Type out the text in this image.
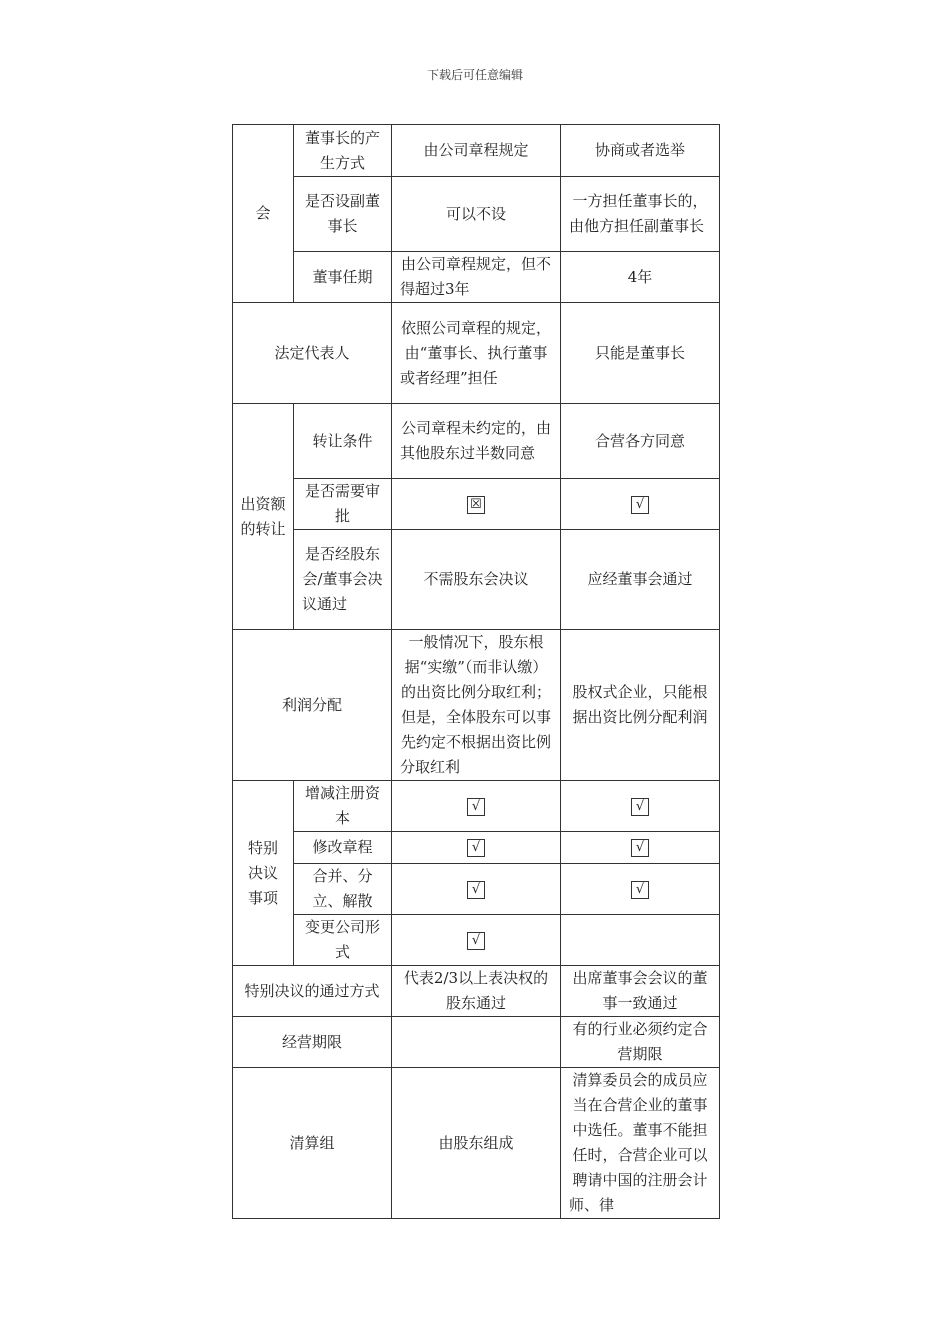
下载后可任意编辑
会	董事长的产生方式	由公司章程规定	协商或者选举
	是否设副董事长	可以不设	一方担任董事长的，由他方担任副董事长
	董事任期	由公司章程规定，但不得超过3年	4年
法定代表人		依照公司章程的规定，由“董事长、执行董事或者经理”担任	只能是董事长
出资额的转让	转让条件	公司章程未约定的，由其他股东过半数同意	合营各方同意
	是否需要审批	☒	√
	是否经股东会/董事会决议通过	不需股东会决议	应经董事会通过
利润分配		一般情况下，股东根据“实缴”（而非认缴）的出资比例分取红利；但是，全体股东可以事先约定不根据出资比例分取红利	股权式企业，只能根据出资比例分配利润
特别决议事项	增减注册资本	√	√
	修改章程	√	√
	合并、分立、解散	√	√
	变更公司形式	√	
特别决议的通过方式		代表2/3以上表决权的股东通过	出席董事会会议的董事一致通过
经营期限			有的行业必须约定合营期限
清算组		由股东组成	清算委员会的成员应当在合营企业的董事中选任。董事不能担任时，合营企业可以聘请中国的注册会计师、律
